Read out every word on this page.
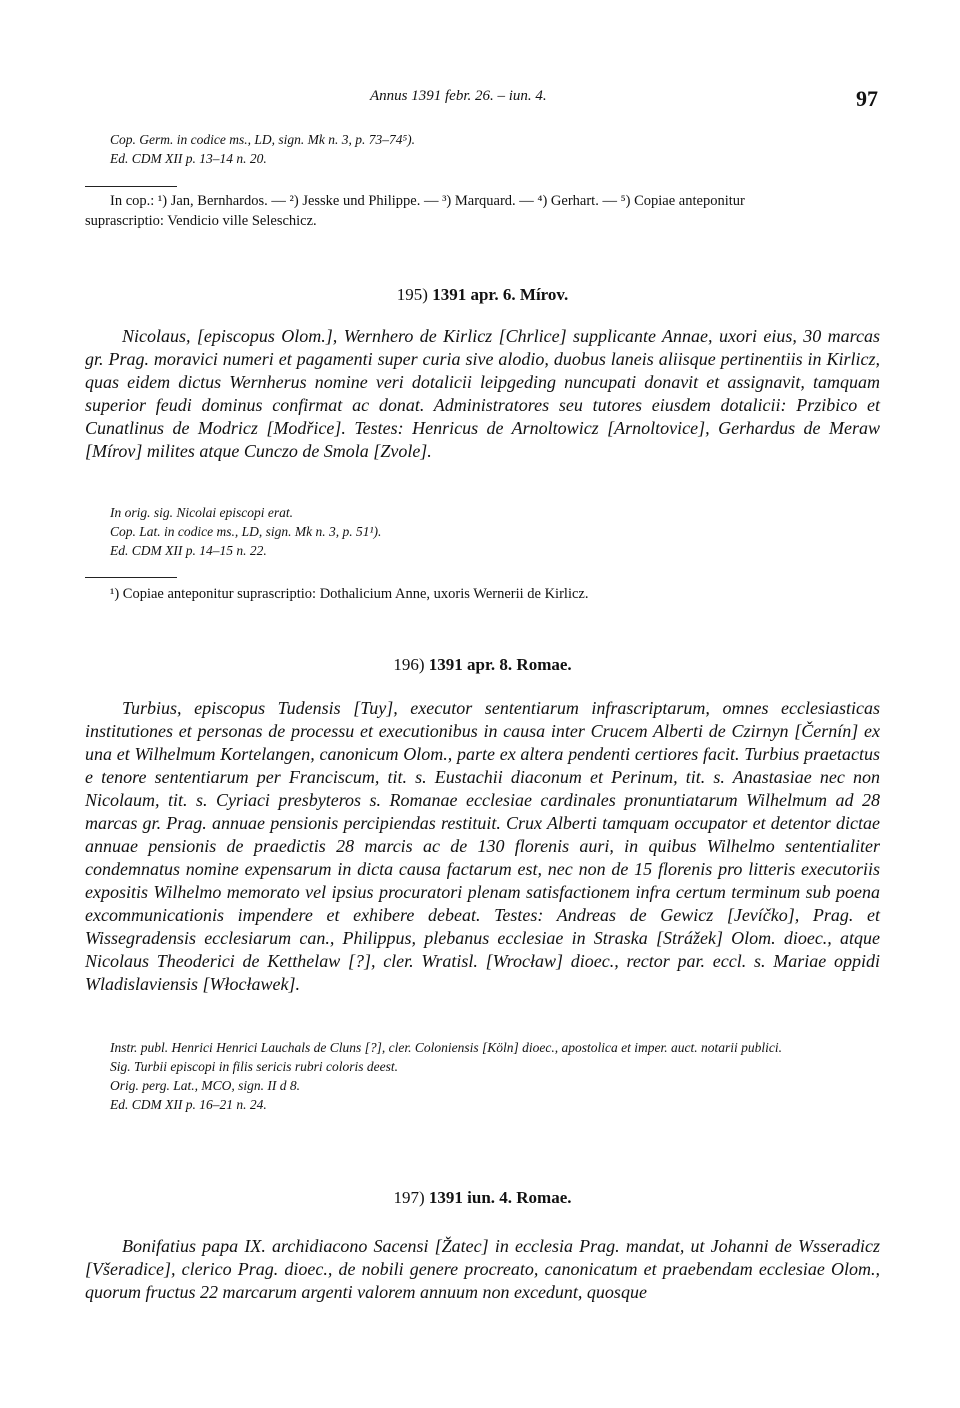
Annus 1391 febr. 26. – iun. 4.	97
Cop. Germ. in codice ms., LD, sign. Mk n. 3, p. 73–74⁵).
Ed. CDM XII p. 13–14 n. 20.

In cop.: ¹) Jan, Bernhardos. — ²) Jesske und Philippe. — ³) Marquard. — ⁴) Gerhart. — ⁵) Copiae anteponitur

suprascriptio: Vendicio ville Seleschicz.
195) 1391 apr. 6. Mírov.

Nicolaus, [episcopus Olom.], Wernhero de Kirlicz [Chrlice] supplicante Annae, uxori eius, 30 marcas gr. Prag. moravici numeri et pagamenti super curia sive alodio, duobus laneis aliisque pertinentiis in Kirlicz, quas eidem dictus Wernherus nomine veri dotalicii leipgeding nuncupati donavit et assignavit, tamquam superior feudi dominus confirmat ac donat. Administratores seu tutores eiusdem dotalicii: Przibico et Cunatlinus de Modricz [Modřice]. Testes: Henricus de Arnoltowicz [Arnoltovice], Gerhardus de Meraw [Mírov] milites atque Cunczo de Smola [Zvole].

In orig. sig. Nicolai episcopi erat.

Cop. Lat. in codice ms., LD, sign. Mk n. 3, p. 51¹).

Ed. CDM XII p. 14–15 n. 22.

¹) Copiae anteponitur suprascriptio: Dothalicium Anne, uxoris Wernerii de Kirlicz.

196) 1391 apr. 8. Romae.

Turbius, episcopus Tudensis [Tuy], executor sententiarum infrascriptarum, omnes ecclesiasticas institutiones et personas de processu et executionibus in causa inter Crucem Alberti de Czirnyn [Černín] ex una et Wilhelmum Kortelangen, canonicum Olom., parte ex altera pendenti certiores facit. Turbius praetactus e tenore sententiarum per Franciscum, tit. s. Eustachii diaconum et Perinum, tit. s. Anastasiae nec non Nicolaum, tit. s. Cyriaci presbyteros s. Romanae ecclesiae cardinales pronuntiatarum Wilhelmum ad 28 marcas gr. Prag. annuae pensionis percipiendas restituit. Crux Alberti tamquam occupator et detentor dictae annuae pensionis de praedictis 28 marcis ac de 130 florenis auri, in quibus Wilhelmo sententialiter condemnatus nomine expensarum in dicta causa factarum est, nec non de 15 florenis pro litteris executoriis expositis Wilhelmo memorato vel ipsius procuratori plenam satisfactionem infra certum terminum sub poena excommunicationis impendere et exhibere debeat. Testes: Andreas de Gewicz [Jevíčko], Prag. et Wissegradensis ecclesiarum can., Philippus, plebanus ecclesiae in Straska [Strážek] Olom. dioec., atque Nicolaus Theoderici de Ketthelaw [?], cler. Wratisl. [Wrocław] dioec., rector par. eccl. s. Mariae oppidi Wladislaviensis [Włocławek].

Instr. publ. Henrici Henrici Lauchals de Cluns [?], cler. Coloniensis [Köln] dioec., apostolica et imper. auct. notarii publici.

Sig. Turbii episcopi in filis sericis rubri coloris deest.

Orig. perg. Lat., MCO, sign. II d 8.

Ed. CDM XII p. 16–21 n. 24.

197) 1391 iun. 4. Romae.

Bonifatius papa IX. archidiacono Sacensi [Žatec] in ecclesia Prag. mandat, ut Johanni de Wsseradicz [Všeradice], clerico Prag. dioec., de nobili genere procreato, canonicatum et praebendam ecclesiae Olom., quorum fructus 22 marcarum argenti valorem annuum non excedunt, quosque
